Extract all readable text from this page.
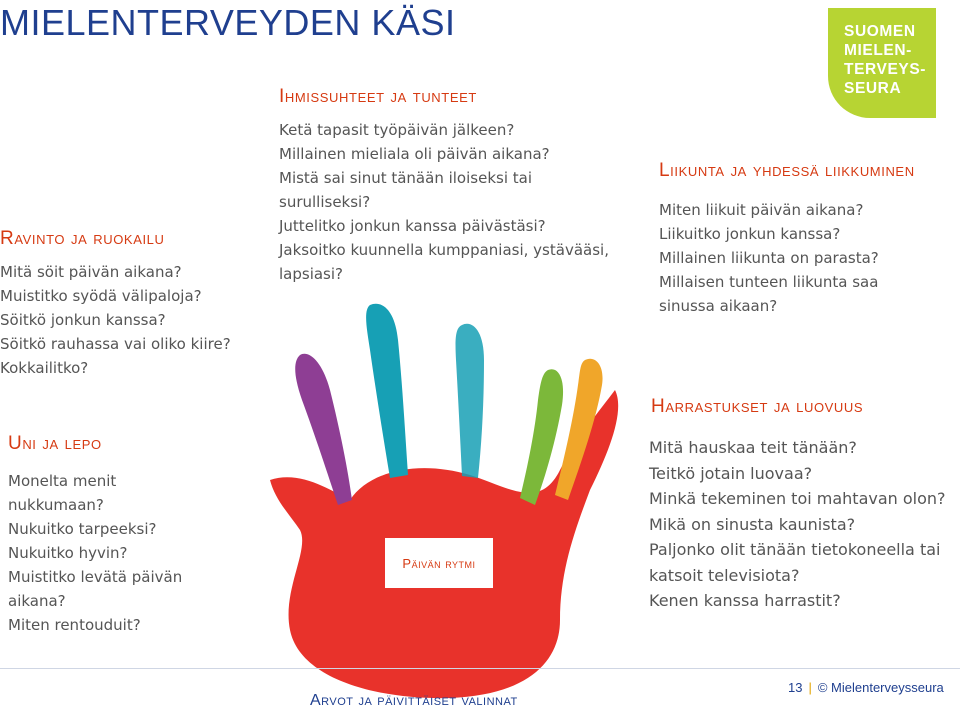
MIELENTERVEYDEN KÄSI	SUOMEN
MIELEN-
TERVEYS-
SEURA
Päivän rytmi
Ihmissuhteet ja tunteet
Ketä tapasit työpäivän jälkeen?
Millainen mieliala oli päivän aikana?
Mistä sai sinut tänään iloiseksi tai
surulliseksi?
Juttelitko jonkun kanssa päivästäsi?
Jaksoitko kuunnella kumppaniasi, ystävääsi,
lapsiasi?
Ravinto ja ruokailu
Mitä söit päivän aikana?
Muistitko syödä välipaloja?
Söitkö jonkun kanssa?
Söitkö rauhassa vai oliko kiire?
Kokkailitko?
Uni ja lepo
Monelta menit
nukkumaan?
Nukuitko tarpeeksi?
Nukuitko hyvin?
Muistitko levätä päivän
aikana?
Miten rentouduit?
Liikunta ja yhdessä liikkuminen
Miten liikuit päivän aikana?
Liikuitko jonkun kanssa?
Millainen liikunta on parasta?
Millaisen tunteen liikunta saa
sinussa aikaan?
Harrastukset ja luovuus
Mitä hauskaa teit tänään?
Teitkö jotain luovaa?
Minkä tekeminen toi mahtavan olon?
Mikä on sinusta kaunista?
Paljonko olit tänään tietokoneella tai
katsoit televisiota?
Kenen kanssa harrastit?
Arvot ja päivittäiset valinnat
13 | © Mielenterveysseura
